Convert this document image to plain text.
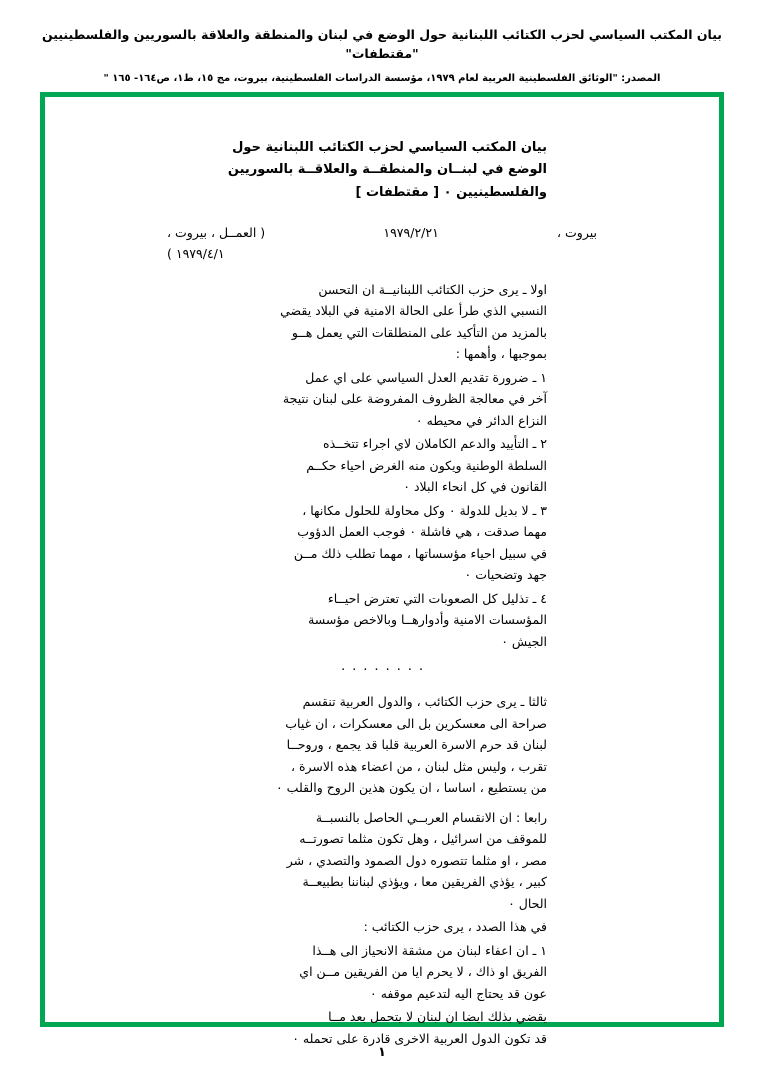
بيان المكتب السياسي لحزب الكتائب اللبنانية حول الوضع في لبنان والمنطقة والعلاقة بالسوريين والفلسطينيين "مقتطفات"
المصدر: "الوثائق الفلسطينية العربية لعام ١٩٧٩، مؤسسة الدراسات الفلسطينية، بيروت، مج ١٥، ط١، ص١٦٤- ١٦٥ "
بيان المكتب السياسي لحزب الكتائب اللبنانية حول
الوضع في لبنــان والمنطقــة والعلاقــة بالسوريين
والفلسطينيين ٠ [ مقتطفات ]
بيروت ،
١٩٧٩/٢/٢١
( العمــل ، بيروت ،
١٩٧٩/٤/١ )
اولا ـ يرى حزب الكتائب اللبنانيــة ان التحسن
النسبي الذي طرأ على الحالة الامنية في البلاد يقضي
بالمزيد من التأكيد على المنطلقات التي يعمل هــو
بموجبها ، وأهمها :
١ ـ ضرورة تقديم العدل السياسي على اي عمل
آخر في معالجة الظروف المفروضة على لبنان نتيجة
النزاع الدائر في محيطه ٠
٢ ـ التأييد والدعم الكاملان لاي اجراء تتخــذه
السلطة الوطنية ويكون منه الغرض احياء حكــم
القانون في كل انحاء البلاد ٠
٣ ـ لا بديل للدولة ٠ وكل محاولة للحلول مكانها ،
مهما صدقت ، هي فاشلة ٠ فوجب العمل الدؤوب
في سبيل احياء مؤسساتها ، مهما تطلب ذلك مــن
جهد وتضحيات ٠
٤ ـ تذليل كل الصعوبات التي تعترض احيــاء
المؤسسات الامنية وأدوارهــا وبالاخص مؤسسة
الجيش ٠
٠ ٠ ٠ ٠ ٠ ٠ ٠ ٠
ثالثا ـ يرى حزب الكتائب ، والدول العربية تنقسم
صراحة الى معسكرين بل الى معسكرات ، ان غياب
لبنان قد حرم الاسرة العربية قلبا قد يجمع ، وروحــا
تقرب ، وليس مثل لبنان ، من اعضاء هذه الاسرة ،
من يستطيع ، اساسا ، ان يكون هذين الروح والقلب ٠
رابعا : ان الانقسام العربــي الحاصل بالنسبــة
للموقف من اسرائيل ، وهل تكون مثلما تصورتــه
مصر ، او مثلما تتصوره دول الصمود والتصدي ، شر
كبير ، يؤذي الفريقين معا ، ويؤذي لبناننا بطبيعــة
الحال ٠
في هذا الصدد ، يرى حزب الكتائب :
١ ـ ان اعفاء لبنان من مشقة الانحياز الى هــذا
الفريق او ذاك ، لا يحرم ايا من الفريقين مــن اي
عون قد يحتاج اليه لتدعيم موقفه ٠
يقضي بذلك ايضا ان لبنان لا يتحمل بعد مــا
قد تكون الدول العربية الاخرى قادرة على تحمله ٠
١
